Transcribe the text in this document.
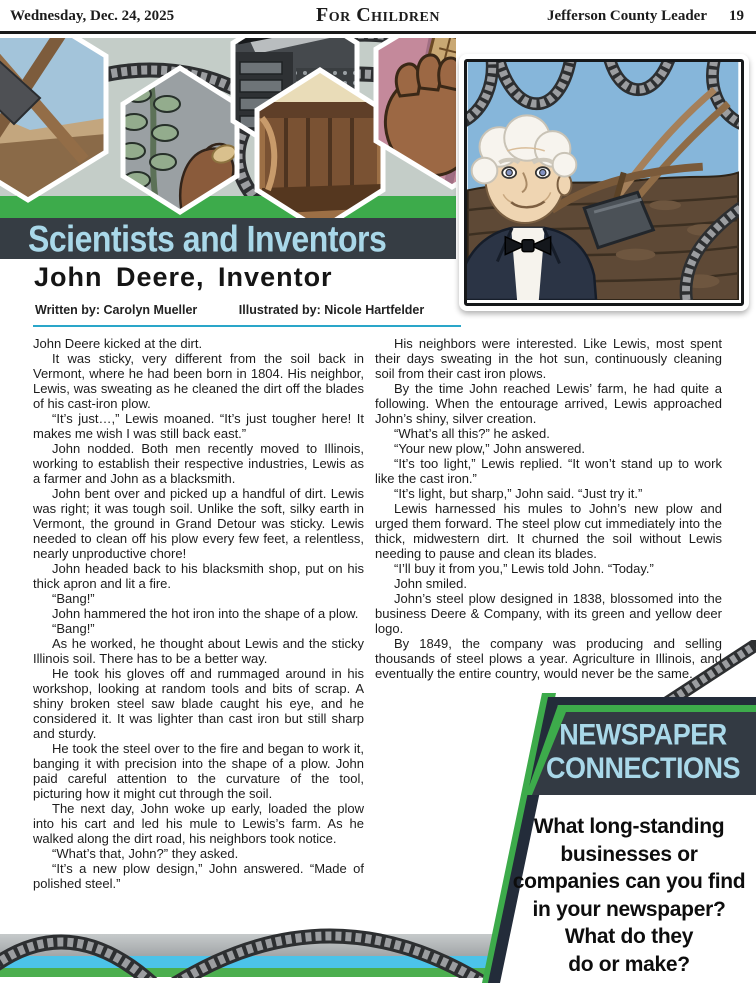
Wednesday, Dec. 24, 2025	For Children	Jefferson County Leader 19
Scientists and Inventors
John Deere, Inventor
Written by: Carolyn Mueller	Illustrated by: Nicole Hartfelder

John Deere kicked at the dirt.

It was sticky, very different from the soil back in Vermont, where he had been born in 1804. His neighbor, Lewis, was sweating as he cleaned the dirt off the blades of his cast-iron plow.

“It’s just…,” Lewis moaned. “It’s just tougher here! It makes me wish I was still back east.”

John nodded. Both men recently moved to Illinois, working to establish their respective industries, Lewis as a farmer and John as a blacksmith.

John bent over and picked up a handful of dirt. Lewis was right; it was tough soil. Unlike the soft, silky earth in Vermont, the ground in Grand Detour was sticky. Lewis needed to clean off his plow every few feet, a relentless, nearly unproductive chore!

John headed back to his blacksmith shop, put on his thick apron and lit a fire.

“Bang!”

John hammered the hot iron into the shape of a plow.

“Bang!”

As he worked, he thought about Lewis and the sticky Illinois soil. There has to be a better way.

He took his gloves off and rummaged around in his workshop, looking at random tools and bits of scrap. A shiny broken steel saw blade caught his eye, and he considered it. It was lighter than cast iron but still sharp and sturdy.

He took the steel over to the fire and began to work it, banging it with precision into the shape of a plow. John paid careful attention to the curvature of the tool, picturing how it might cut through the soil.

The next day, John woke up early, loaded the plow into his cart and led his mule to Lewis’s farm. As he walked along the dirt road, his neighbors took notice.

“What’s that, John?” they asked.

“It’s a new plow design,” John answered. “Made of polished steel.”

His neighbors were interested. Like Lewis, most spent their days sweating in the hot sun, continuously cleaning soil from their cast iron plows.

By the time John reached Lewis’ farm, he had quite a following. When the entourage arrived, Lewis approached John’s shiny, silver creation.

“What’s all this?” he asked.

“Your new plow,” John answered.

“It’s too light,” Lewis replied. “It won’t stand up to work like the cast iron.”

“It’s light, but sharp,” John said. “Just try it.”

Lewis harnessed his mules to John’s new plow and urged them forward. The steel plow cut immediately into the thick, midwestern dirt. It churned the soil without Lewis needing to pause and clean its blades.

“I’ll buy it from you,” Lewis told John. “Today.”

John smiled.

John’s steel plow designed in 1838, blossomed into the business Deere & Company, with its green and yellow deer logo.

By 1849, the company was producing and selling thousands of steel plows a year. Agriculture in Illinois, and eventually the entire country, would never be the same.

NEWSPAPER
CONNECTIONS
What long-standing
businesses or
companies can you find
in your newspaper?
What do they
do or make?
